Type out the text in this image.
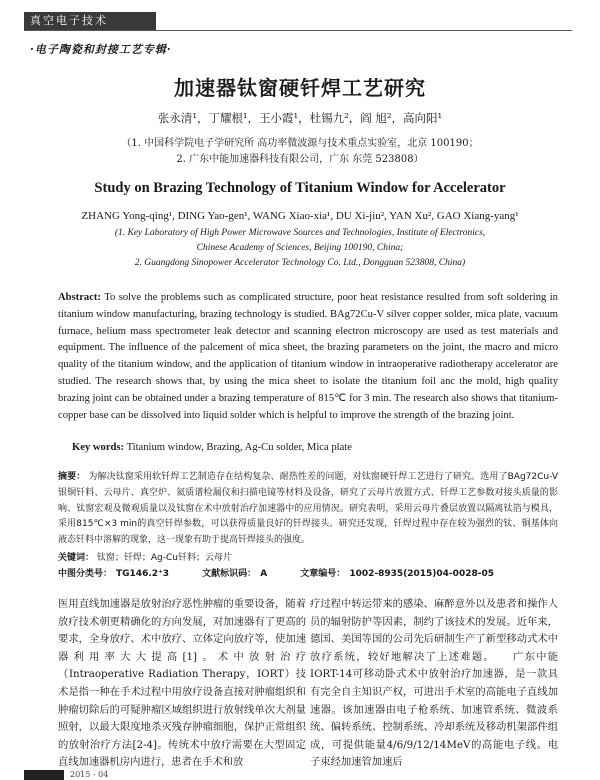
真空电子技术
·电子陶瓷和封接工艺专辑·
加速器钛窗硬钎焊工艺研究
张永清¹，丁耀根¹，王小霞¹，杜锡九²，阎 旭²，高向阳¹
（1. 中国科学院电子学研究所 高功率微波源与技术重点实验室，北京 100190；
2. 广东中能加速器科技有限公司，广东 东莞 523808）
Study on Brazing Technology of Titanium Window for Accelerator
ZHANG Yong-qing¹, DING Yao-gen¹, WANG Xiao-xia¹, DU Xi-jiu², YAN Xu², GAO Xiang-yang¹
(1. Key Laboratory of High Power Microwave Sources and Technologies, Institute of Electronics,
Chinese Academy of Sciences, Beijing 100190, China;
2. Guangdong Sinopower Accelerator Technology Co. Ltd., Dongguan 523808, China)
Abstract: To solve the problems such as complicated structure, poor heat resistance resulted from soft soldering in titanium window manufacturing, brazing technology is studied. BAg72Cu-V silver copper solder, mica plate, vacuum furnace, helium mass spectrometer leak detector and scanning electron microscopy are used as test materials and equipment. The influence of the palcement of mica sheet, the brazing parameters on the joint, the macro and micro quality of the titanium window, and the application of titanium window in intraoperative radiotherapy accelerator are studied. The research shows that, by using the mica sheet to isolate the titanium foil anc the mold, high quality brazing joint can be obtained under a brazing temperature of 815℃ for 3 min. The research also shows that titanium-copper base can be dissolved into liquid solder which is helpful to improve the strength of the brazing joint.
Key words: Titanium window, Brazing, Ag-Cu solder, Mica plate
摘要： 为解决钛窗采用软钎焊工艺制造存在结构复杂、耐热性差的问题，对钛窗硬钎焊工艺进行了研究。选用了BAg72Cu-V银铜钎料、云母片、真空炉、氦质谱检漏仪和扫描电镜等材料及设备，研究了云母片放置方式、钎焊工艺参数对接头质量的影响、钛窗宏观及微观质量以及钛窗在术中放射治疗加速器中的应用情况。研究表明，采用云母片叠层放置以隔离钛箔与模具，采用815℃×3 min的真空钎焊参数，可以获得质量良好的钎焊接头。研究还发现，钎焊过程中存在较为强烈的钛、铜基体向液态钎料中溶解的现象，这一现象有助于提高钎焊接头的强度。
关键词： 钛窗；钎焊；Ag-Cu钎料；云母片
中图分类号： TG146.2⁺3	文献标识码： A	文章编号： 1002-8935(2015)04-0028-05
医用直线加速器是放射治疗恶性肿瘤的重要设备，随着放疗技术朝更精确化的方向发展，对加速器有了更高的要求，全身放疗、术中放疗、立体定向放疗等，使加速器利用率大大提高[1]。术中放射治疗（Intraoperative Radiation Therapy，IORT）技术是指一种在手术过程中用放疗设备直接对肿瘤组织和肿瘤切除后的可疑肿瘤区域组织进行放射线单次大剂量照射，以最大限度地杀灭残存肿瘤细胞，保护正常组织的放射治疗方法[2-4]。传统术中放疗需要在大型固定直线加速器机房内进行，患者在手术和放
疗过程中转运带来的感染、麻醉意外以及患者和操作人员的辐射防护等因素，制约了该技术的发展。近年来，德国、美国等国的公司先后研制生产了新型移动式术中放疗系统，较好地解决了上述难题。　　广东中能IORT-14可移动卧式术中放射治疗加速器，是一款具有完全自主知识产权，可进出手术室的高能电子直线加速器。该加速器由电子枪系统、加速管系统、微波系统、偏转系统、控制系统、冷却系统及移动机架部件组成，可提供能量4/6/9/12/14MeV的高能电子线。电子束经加速管加速后
2015 - 04
